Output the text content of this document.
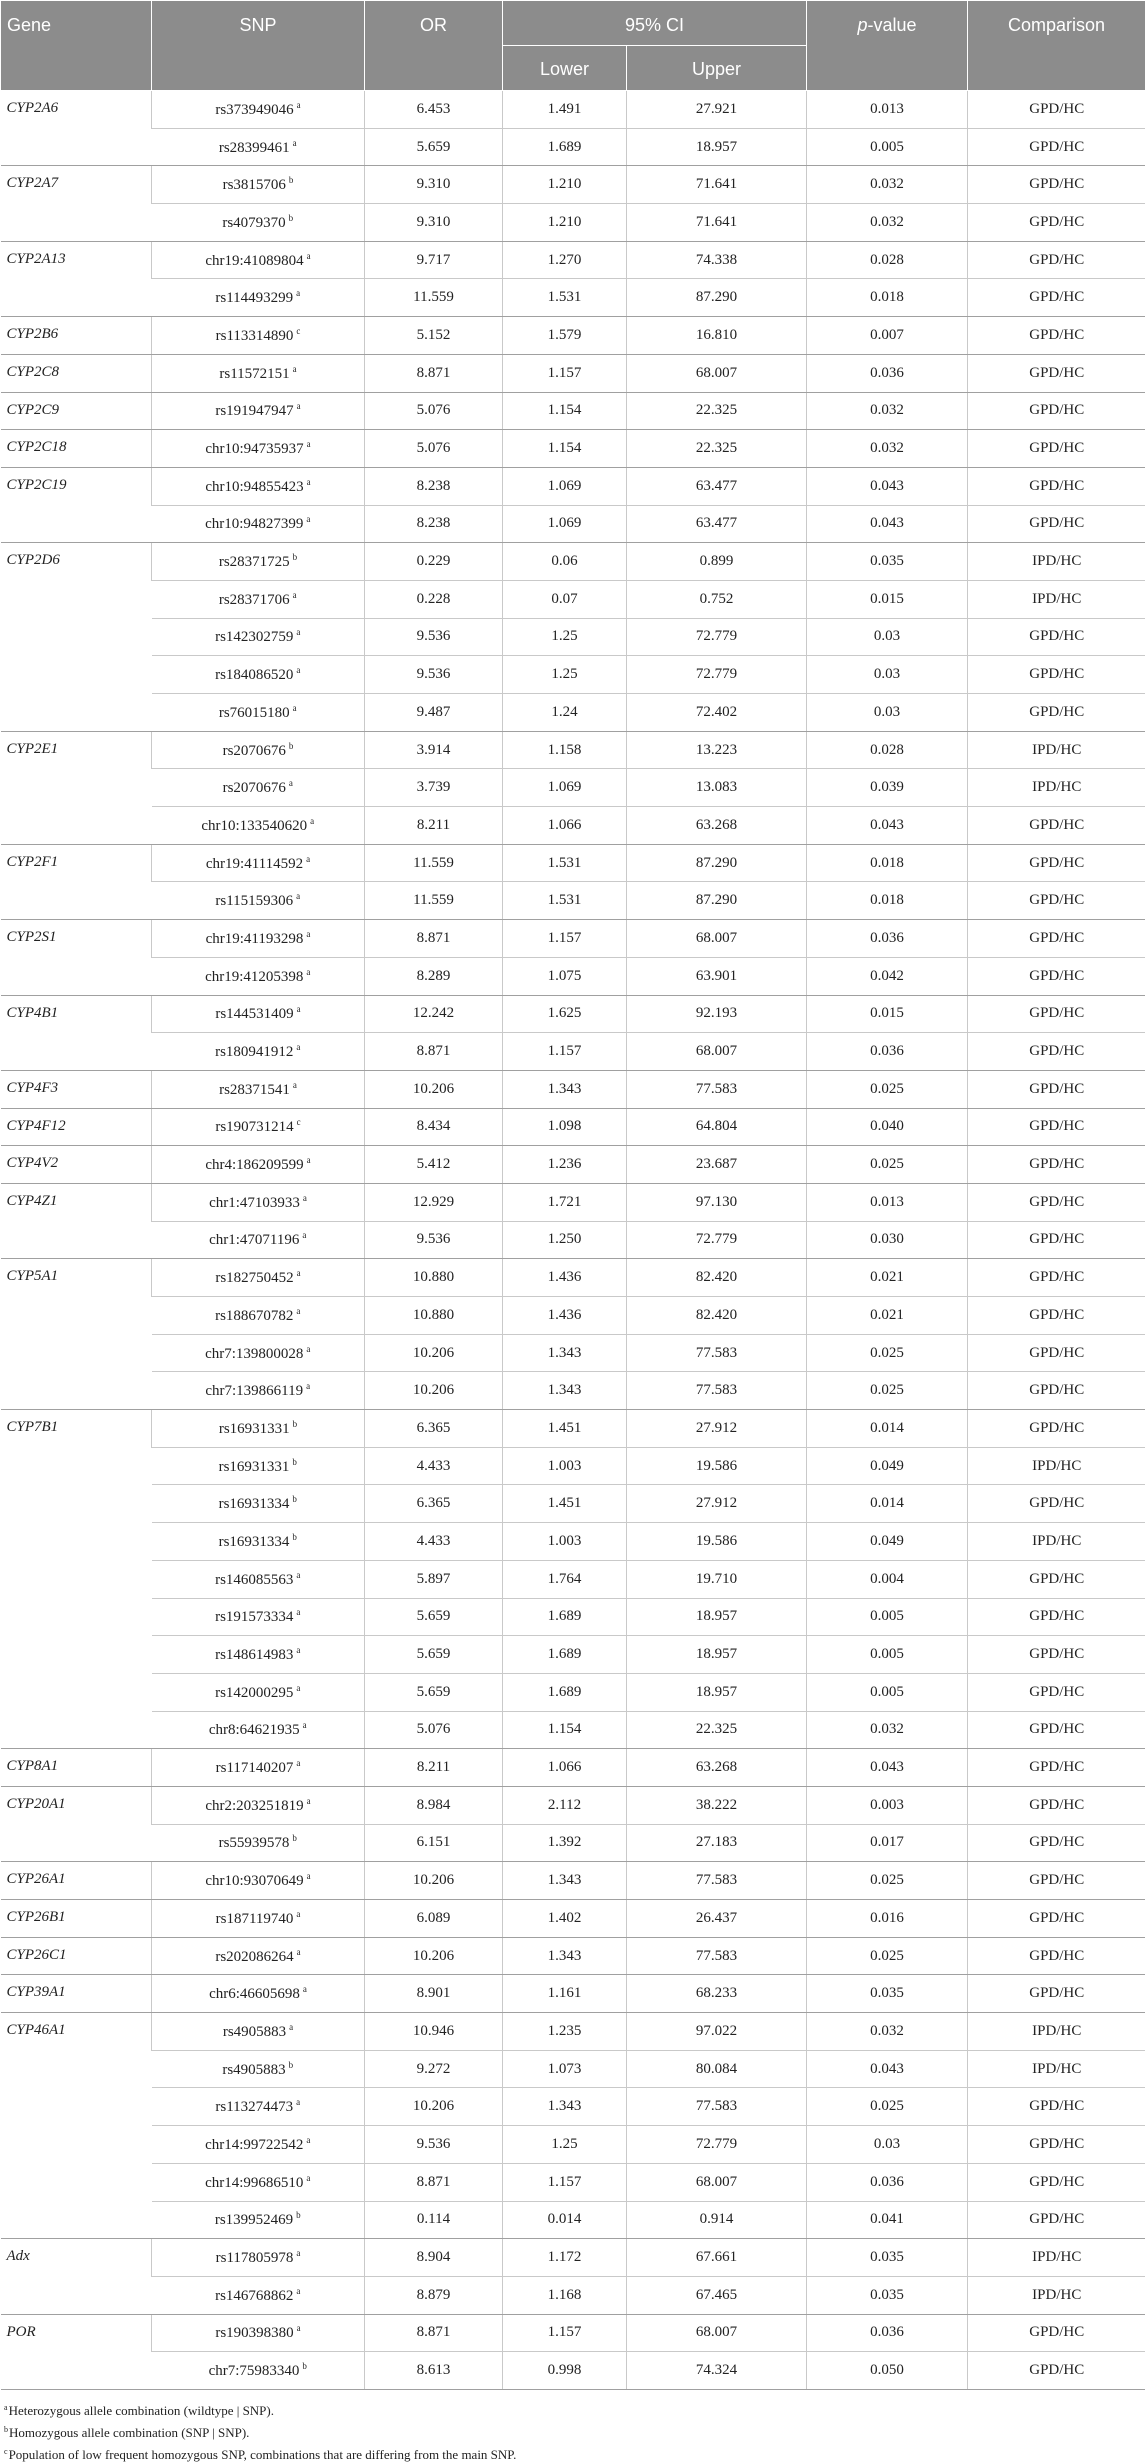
Gene	SNP	OR	95% CI		p-value	Comparison
			Lower	Upper		
CYP2A6	rs373949046 $^a$	6.453	1.491	27.921	0.013	GPD/HC
	rs28399461 $^a$	5.659	1.689	18.957	0.005	GPD/HC
CYP2A7	rs3815706 $^b$	9.310	1.210	71.641	0.032	GPD/HC
	rs4079370 $^b$	9.310	1.210	71.641	0.032	GPD/HC
CYP2A13	chr19:41089804 $^a$	9.717	1.270	74.338	0.028	GPD/HC
	rs114493299 $^a$	11.559	1.531	87.290	0.018	GPD/HC
CYP2B6	rs113314890 $^c$	5.152	1.579	16.810	0.007	GPD/HC
CYP2C8	rs11572151 $^a$	8.871	1.157	68.007	0.036	GPD/HC
CYP2C9	rs191947947 $^a$	5.076	1.154	22.325	0.032	GPD/HC
CYP2C18	chr10:94735937 $^a$	5.076	1.154	22.325	0.032	GPD/HC
CYP2C19	chr10:94855423 $^a$	8.238	1.069	63.477	0.043	GPD/HC
	chr10:94827399 $^a$	8.238	1.069	63.477	0.043	GPD/HC
CYP2D6	rs28371725 $^b$	0.229	0.06	0.899	0.035	IPD/HC
	rs28371706 $^a$	0.228	0.07	0.752	0.015	IPD/HC
	rs142302759 $^a$	9.536	1.25	72.779	0.03	GPD/HC
	rs184086520 $^a$	9.536	1.25	72.779	0.03	GPD/HC
	rs76015180 $^a$	9.487	1.24	72.402	0.03	GPD/HC
CYP2E1	rs2070676 $^b$	3.914	1.158	13.223	0.028	IPD/HC
	rs2070676 $^a$	3.739	1.069	13.083	0.039	IPD/HC
	chr10:133540620 $^a$	8.211	1.066	63.268	0.043	GPD/HC
CYP2F1	chr19:41114592 $^a$	11.559	1.531	87.290	0.018	GPD/HC
	rs115159306 $^a$	11.559	1.531	87.290	0.018	GPD/HC
CYP2S1	chr19:41193298 $^a$	8.871	1.157	68.007	0.036	GPD/HC
	chr19:41205398 $^a$	8.289	1.075	63.901	0.042	GPD/HC
CYP4B1	rs144531409 $^a$	12.242	1.625	92.193	0.015	GPD/HC
	rs180941912 $^a$	8.871	1.157	68.007	0.036	GPD/HC
CYP4F3	rs28371541 $^a$	10.206	1.343	77.583	0.025	GPD/HC
CYP4F12	rs190731214 $^c$	8.434	1.098	64.804	0.040	GPD/HC
CYP4V2	chr4:186209599 $^a$	5.412	1.236	23.687	0.025	GPD/HC
CYP4Z1	chr1:47103933 $^a$	12.929	1.721	97.130	0.013	GPD/HC
	chr1:47071196 $^a$	9.536	1.250	72.779	0.030	GPD/HC
CYP5A1	rs182750452 $^a$	10.880	1.436	82.420	0.021	GPD/HC
	rs188670782 $^a$	10.880	1.436	82.420	0.021	GPD/HC
	chr7:139800028 $^a$	10.206	1.343	77.583	0.025	GPD/HC
	chr7:139866119 $^a$	10.206	1.343	77.583	0.025	GPD/HC
CYP7B1	rs16931331 $^b$	6.365	1.451	27.912	0.014	GPD/HC
	rs16931331 $^b$	4.433	1.003	19.586	0.049	IPD/HC
	rs16931334 $^b$	6.365	1.451	27.912	0.014	GPD/HC
	rs16931334 $^b$	4.433	1.003	19.586	0.049	IPD/HC
	rs146085563 $^a$	5.897	1.764	19.710	0.004	GPD/HC
	rs191573334 $^a$	5.659	1.689	18.957	0.005	GPD/HC
	rs148614983 $^a$	5.659	1.689	18.957	0.005	GPD/HC
	rs142000295 $^a$	5.659	1.689	18.957	0.005	GPD/HC
	chr8:64621935 $^a$	5.076	1.154	22.325	0.032	GPD/HC
CYP8A1	rs117140207 $^a$	8.211	1.066	63.268	0.043	GPD/HC
CYP20A1	chr2:203251819 $^a$	8.984	2.112	38.222	0.003	GPD/HC
	rs55939578 $^b$	6.151	1.392	27.183	0.017	GPD/HC
CYP26A1	chr10:93070649 $^a$	10.206	1.343	77.583	0.025	GPD/HC
CYP26B1	rs187119740 $^a$	6.089	1.402	26.437	0.016	GPD/HC
CYP26C1	rs202086264 $^a$	10.206	1.343	77.583	0.025	GPD/HC
CYP39A1	chr6:46605698 $^a$	8.901	1.161	68.233	0.035	GPD/HC
CYP46A1	rs4905883 $^a$	10.946	1.235	97.022	0.032	IPD/HC
	rs4905883 $^b$	9.272	1.073	80.084	0.043	IPD/HC
	rs113274473 $^a$	10.206	1.343	77.583	0.025	GPD/HC
	chr14:99722542 $^a$	9.536	1.25	72.779	0.03	GPD/HC
	chr14:99686510 $^a$	8.871	1.157	68.007	0.036	GPD/HC
	rs139952469 $^b$	0.114	0.014	0.914	0.041	GPD/HC
Adx	rs117805978 $^a$	8.904	1.172	67.661	0.035	IPD/HC
	rs146768862 $^a$	8.879	1.168	67.465	0.035	IPD/HC
POR	rs190398380 $^a$	8.871	1.157	68.007	0.036	GPD/HC
	chr7:75983340 $^b$	8.613	0.998	74.324	0.050	GPD/HC
$^a$Heterozygous allele combination (wildtype | SNP).
$^b$Homozygous allele combination (SNP | SNP).
$^c$Population of low frequent homozygous SNP, combinations that are differing from the main SNP.
